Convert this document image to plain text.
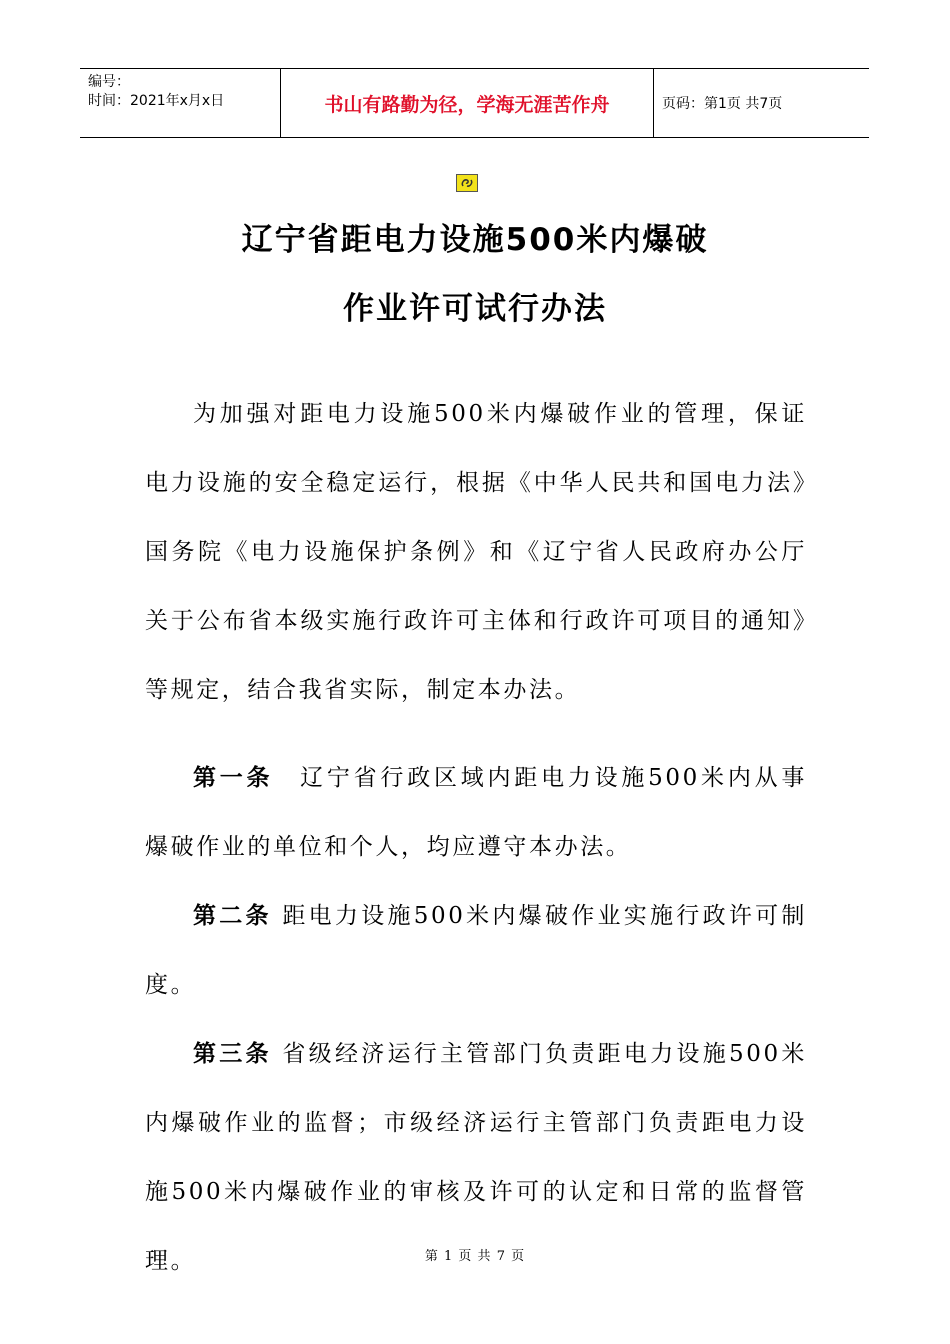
编号：
时间：2021年x月x日	书山有路勤为径，学海无涯苦作舟	页码：第1页 共7页
辽宁省距电力设施500米内爆破
作业许可试行办法
为加强对距电力设施500米内爆破作业的管理，保证电力设施的安全稳定运行，根据《中华人民共和国电力法》国务院《电力设施保护条例》和《辽宁省人民政府办公厅关于公布省本级实施行政许可主体和行政许可项目的通知》等规定，结合我省实际，制定本办法。
第一条　辽宁省行政区域内距电力设施500米内从事爆破作业的单位和个人，均应遵守本办法。
第二条 距电力设施500米内爆破作业实施行政许可制度。
第三条 省级经济运行主管部门负责距电力设施500米内爆破作业的监督；市级经济运行主管部门负责距电力设施500米内爆破作业的审核及许可的认定和日常的监督管理。	第 1 页 共 7 页
